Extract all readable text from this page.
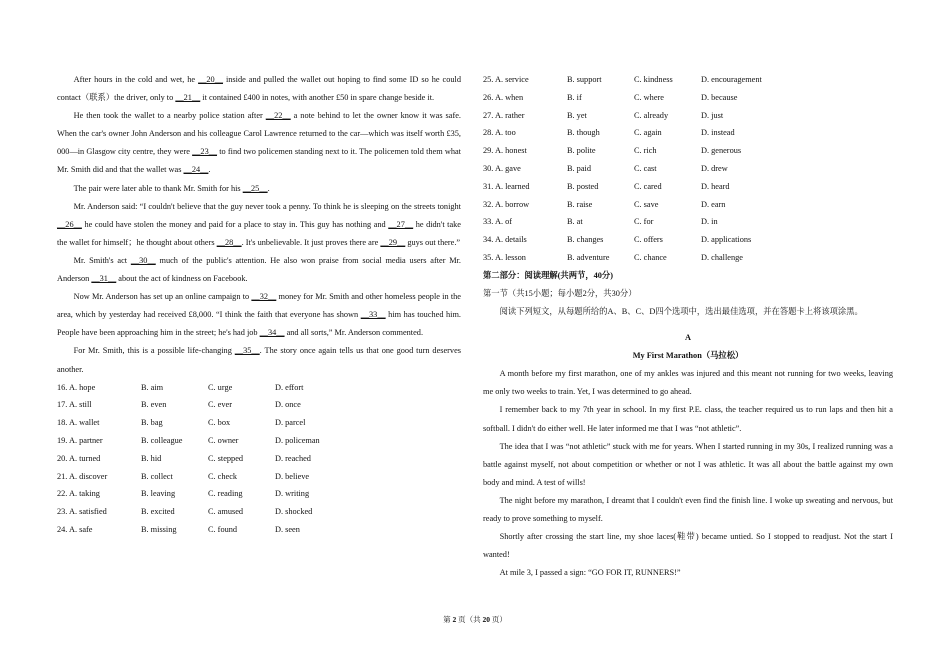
After hours in the cold and wet, he __20__ inside and pulled the wallet out hoping to find some ID so he could contact（联系）the driver, only to __21__ it contained £400 in notes, with another £50 in spare change beside it.

He then took the wallet to a nearby police station after __22__ a note behind to let the owner know it was safe. When the car's owner John Anderson and his colleague Carol Lawrence returned to the car—which was itself worth £35, 000—in Glasgow city centre, they were __23__ to find two policemen standing next to it. The policemen told them what Mr. Smith did and that the wallet was __24__.

The pair were later able to thank Mr. Smith for his __25__.

Mr. Anderson said: “I couldn't believe that the guy never took a penny. To think he is sleeping on the streets tonight __26__ he could have stolen the money and paid for a place to stay in. This guy has nothing and __27__ he didn't take the wallet for himself；he thought about others __28__. It's unbelievable. It just proves there are __29__ guys out there.”

Mr. Smith's act __30__ much of the public's attention. He also won praise from social media users after Mr. Anderson __31__ about the act of kindness on Facebook.

Now Mr. Anderson has set up an online campaign to __32__ money for Mr. Smith and other homeless people in the area, which by yesterday had received £8,000. “I think the faith that everyone has shown __33__ him has touched him. People have been approaching him in the street; he's had job __34__ and all sorts,” Mr. Anderson commented.

For Mr. Smith, this is a possible life-changing __35__. The story once again tells us that one good turn deserves another.

16. A. hope	B. aim	C. urge	D. effort
17. A. still	B. even	C. ever	D. once
18. A. wallet	B. bag	C. box	D. parcel
19. A. partner	B. colleague	C. owner	D. policeman
20. A. turned	B. hid	C. stepped	D. reached
21. A. discover	B. collect	C. check	D. believe
22. A. taking	B. leaving	C. reading	D. writing
23. A. satisfied	B. excited	C. amused	D. shocked
24. A. safe	B. missing	C. found	D. seen
25. A. service	B. support	C. kindness	D. encouragement
26. A. when	B. if	C. where	D. because
27. A. rather	B. yet	C. already	D. just
28. A. too	B. though	C. again	D. instead
29. A. honest	B. polite	C. rich	D. generous
30. A. gave	B. paid	C. cast	D. drew
31. A. learned	B. posted	C. cared	D. heard
32. A. borrow	B. raise	C. save	D. earn
33. A. of	B. at	C. for	D. in
34. A. details	B. changes	C. offers	D. applications
35. A. lesson	B. adventure	C. chance	D. challenge

第二部分：阅读理解(共两节，40分)

第一节（共15小题；每小题2分，共30分）

阅读下列短文，从每题所给的A、B、C、D四个选项中，选出最佳选项，并在答题卡上将该项涂黑。

A

My First Marathon（马拉松）

A month before my first marathon, one of my ankles was injured and this meant not running for two weeks, leaving me only two weeks to train. Yet, I was determined to go ahead.

I remember back to my 7th year in school. In my first P.E. class, the teacher required us to run laps and then hit a softball. I didn't do either well. He later informed me that I was “not athletic”.

The idea that I was “not athletic” stuck with me for years. When I started running in my 30s, I realized running was a battle against myself, not about competition or whether or not I was athletic. It was all about the battle against my own body and mind. A test of wills!

The night before my marathon, I dreamt that I couldn't even find the finish line. I woke up sweating and nervous, but ready to prove something to myself.

Shortly after crossing the start line, my shoe laces(鞋带) became untied. So I stopped to readjust. Not the start I wanted!

At mile 3, I passed a sign: “GO FOR IT, RUNNERS!”

第 2 页（共 20 页）
